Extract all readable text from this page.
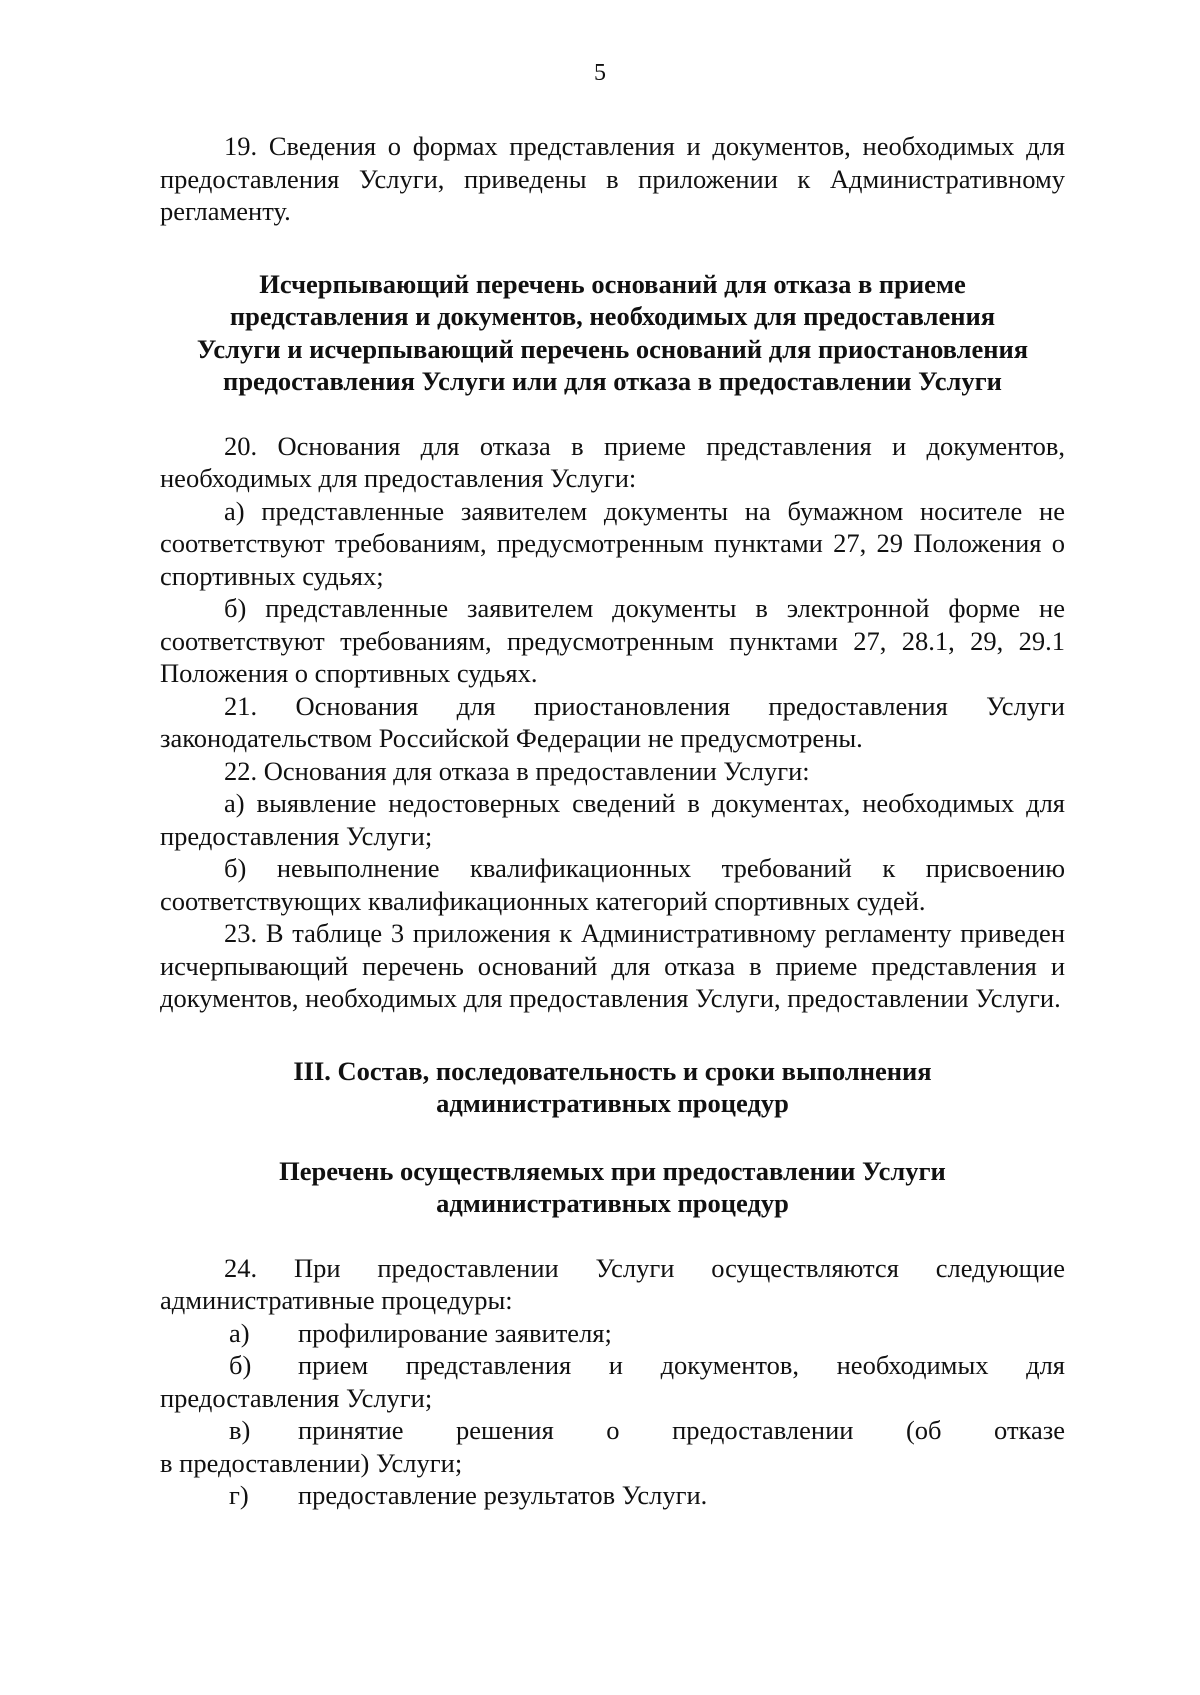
5

19. Сведения о формах представления и документов, необходимых для предоставления Услуги, приведены в приложении к Административному регламенту.

Исчерпывающий перечень оснований для отказа в приеме

представления и документов, необходимых для предоставления

Услуги и исчерпывающий перечень оснований для приостановления

предоставления Услуги или для отказа в предоставлении Услуги

20. Основания для отказа в приеме представления и документов, необходимых для предоставления Услуги:

а) представленные заявителем документы на бумажном носителе не соответствуют требованиям, предусмотренным пунктами 27, 29 Положения о спортивных судьях;

б) представленные заявителем документы в электронной форме не соответствуют требованиям, предусмотренным пунктами 27, 28.1, 29, 29.1 Положения о спортивных судьях.

21. Основания для приостановления предоставления Услуги законодательством Российской Федерации не предусмотрены.

22. Основания для отказа в предоставлении Услуги:

а) выявление недостоверных сведений в документах, необходимых для предоставления Услуги;

б) невыполнение квалификационных требований к присвоению соответствующих квалификационных категорий спортивных судей.

23. В таблице 3 приложения к Административному регламенту приведен исчерпывающий перечень оснований для отказа в приеме представления и документов, необходимых для предоставления Услуги, предоставлении Услуги.

III. Состав, последовательность и сроки выполнения

административных процедур

Перечень осуществляемых при предоставлении Услуги

административных процедур

24. При предоставлении Услуги осуществляются следующие административные процедуры:

а)	профилирование заявителя;
б)	прием представления и документов, необходимых для

предоставления Услуги;

в)	принятие решения о предоставлении (об отказе

в предоставлении) Услуги;

г)	предоставление результатов Услуги.
